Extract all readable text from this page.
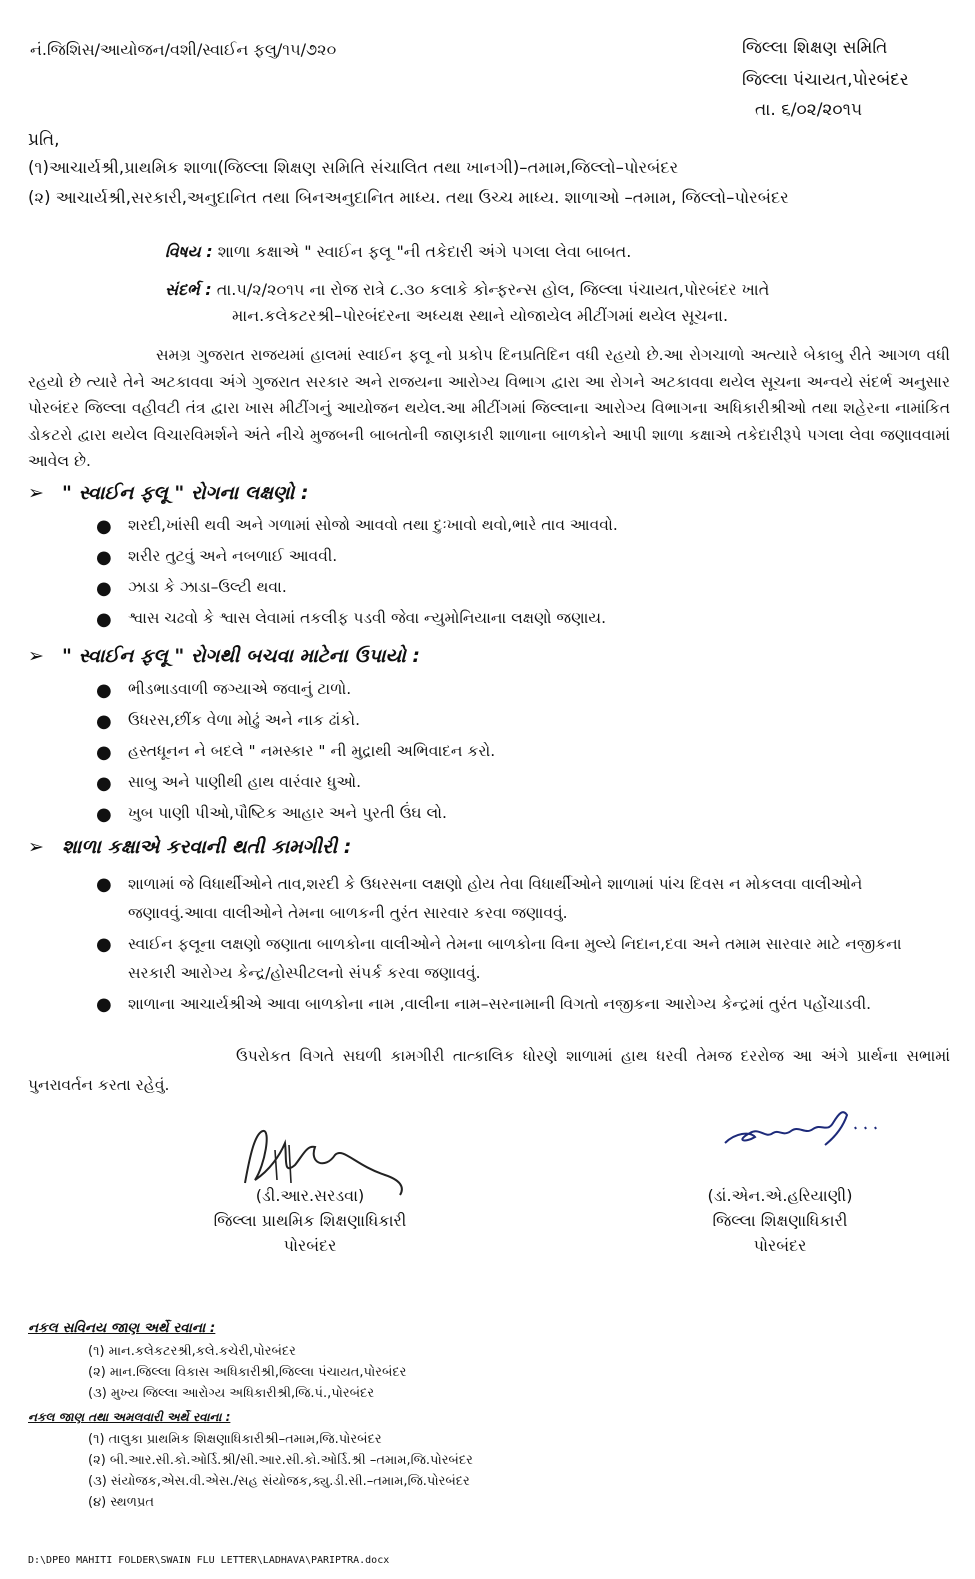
નં.જિશિસ/આયોજન/વશી/સ્વાઈન ફલુ/૧૫/૭૨૦	જિલ્લા શિક્ષણ સમિતિ
જિલ્લા પંચાયત,પોરબંદર
તા. ૬/૦૨/૨૦૧૫
પ્રતિ,
(૧)આચાર્યશ્રી,પ્રાથમિક શાળા(જિલ્લા શિક્ષણ સમિતિ સંચાલિત તથા ખાનગી)–તમામ,જિલ્લો–પોરબંદર
(૨) આચાર્યશ્રી,સરકારી,અનુદાનિત તથા બિનઅનુદાનિત માધ્ય. તથા ઉચ્ચ માધ્ય. શાળાઓ –તમામ, જિલ્લો–પોરબંદર
વિષય : શાળા કક્ષાએ " સ્વાઈન ફલૂ "ની તકેદારી અંગે પગલા લેવા બાબત.
સંદર્ભ : તા.૫/૨/૨૦૧૫ ના રોજ રાત્રે ૮.૩૦ કલાકે કોન્ફરન્સ હોલ, જિલ્લા પંચાયત,પોરબંદર ખાતે
માન.કલેકટરશ્રી–પોરબંદરના અધ્યક્ષ સ્થાને યોજાયેલ મીટીંગમાં થયેલ સૂચના.
સમગ્ર ગુજરાત રાજયમાં હાલમાં સ્વાઈન ફલૂ નો પ્રકોપ દિનપ્રતિદિન વધી રહયો છે.આ રોગચાળો અત્યારે બેકાબુ રીતે આગળ વધી રહયો છે ત્યારે તેને અટકાવવા અંગે ગુજરાત સરકાર અને રાજયના આરોગ્ય વિભાગ દ્વારા આ રોગને અટકાવવા થયેલ સૂચના અન્વયે સંદર્ભ અનુસાર પોરબંદર જિલ્લા વહીવટી તંત્ર દ્વારા ખાસ મીટીંગનું આયોજન થયેલ.આ મીટીંગમાં જિલ્લાના આરોગ્ય વિભાગના અધિકારીશ્રીઓ તથા શહેરના નામાંકિત ડોકટરો દ્વારા થયેલ વિચારવિમર્શને અંતે નીચે મુજબની બાબતોની જાણકારી શાળાના બાળકોને આપી શાળા કક્ષાએ તકેદારીરૂપે પગલા લેવા જણાવવામાં આવેલ છે.
➢ " સ્વાઈન ફલૂ " રોગના લક્ષણો :
● શરદી,ખાંસી થવી અને ગળામાં સોજો આવવો તથા દુઃખાવો થવો,ભારે તાવ આવવો.
● શરીર તુટવું અને નબળાઈ આવવી.
● ઝાડા કે ઝાડા–ઉલ્ટી થવા.
● શ્વાસ ચઢવો કે શ્વાસ લેવામાં તકલીફ પડવી જેવા ન્યુમોનિયાના લક્ષણો જણાય.
➢ " સ્વાઈન ફલૂ " રોગથી બચવા માટેના ઉપાયો :
● ભીડભાડવાળી જગ્યાએ જવાનું ટાળો.
● ઉધરસ,છીંક વેળા મોઢું અને નાક ઢાંકો.
● હસ્તધૂનન ને બદલે " નમસ્કાર " ની મુદ્રાથી અભિવાદન કરો.
● સાબુ અને પાણીથી હાથ વારંવાર ધુઓ.
● ખુબ પાણી પીઓ,પૌષ્ટિક આહાર અને પુરતી ઉંઘ લો.
➢ શાળા કક્ષાએ કરવાની થતી કામગીરી :
● શાળામાં જે વિધાર્થીઓને તાવ,શરદી કે ઉધરસના લક્ષણો હોય તેવા વિધાર્થીઓને શાળામાં પાંચ દિવસ ન મોકલવા વાલીઓને જણાવવું.આવા વાલીઓને તેમના બાળકની તુરંત સારવાર કરવા જણાવવું.
● સ્વાઈન ફલૂના લક્ષણો જણાતા બાળકોના વાલીઓને તેમના બાળકોના વિના મુલ્યે નિદાન,દવા અને તમામ સારવાર માટે નજીકના સરકારી આરોગ્ય કેન્દ્ર/હોસ્પીટલનો સંપર્ક કરવા જણાવવું.
● શાળાના આચાર્યશ્રીએ આવા બાળકોના નામ ,વાલીના નામ–સરનામાની વિગતો નજીકના આરોગ્ય કેન્દ્રમાં તુરંત પહોંચાડવી.
ઉપરોકત વિગતે સઘળી કામગીરી તાત્કાલિક ધોરણે શાળામાં હાથ ધરવી તેમજ દરરોજ આ અંગે પ્રાર્થના સભામાં પુનરાવર્તન કરતા રહેવું.
(ડી.આર.સરડવા)
જિલ્લા પ્રાથમિક શિક્ષણાધિકારી
પોરબંદર
(ડાં.એન.એ.હરિયાણી)
જિલ્લા શિક્ષણાધિકારી
પોરબંદર
નકલ સવિનય જાણ અર્થે રવાના :
(૧) માન.કલેકટરશ્રી,કલે.કચેરી,પોરબંદર
(૨) માન.જિલ્લા વિકાસ અધિકારીશ્રી,જિલ્લા પંચાયત,પોરબંદર
(૩) મુખ્ય જિલ્લા આરોગ્ય અધિકારીશ્રી,જિ.પં.,પોરબંદર
નકલ જાણ તથા અમલવારી અર્થે રવાના :
(૧) તાલુકા પ્રાથમિક શિક્ષણાધિકારીશ્રી–તમામ,જિ.પોરબંદર
(૨) બી.આર.સી.કો.ઓર્ડિ.શ્રી/સી.આર.સી.કો.ઓર્ડિ.શ્રી –તમામ,જિ.પોરબંદર
(૩) સંયોજક,એસ.વી.એસ./સહ સંયોજક,ક્યુ.ડી.સી.–તમામ,જિ.પોરબંદર
(૪) સ્થળપ્રત
D:\DPEO MAHITI FOLDER\SWAIN FLU LETTER\LADHAVA\PARIPTRA.docx
